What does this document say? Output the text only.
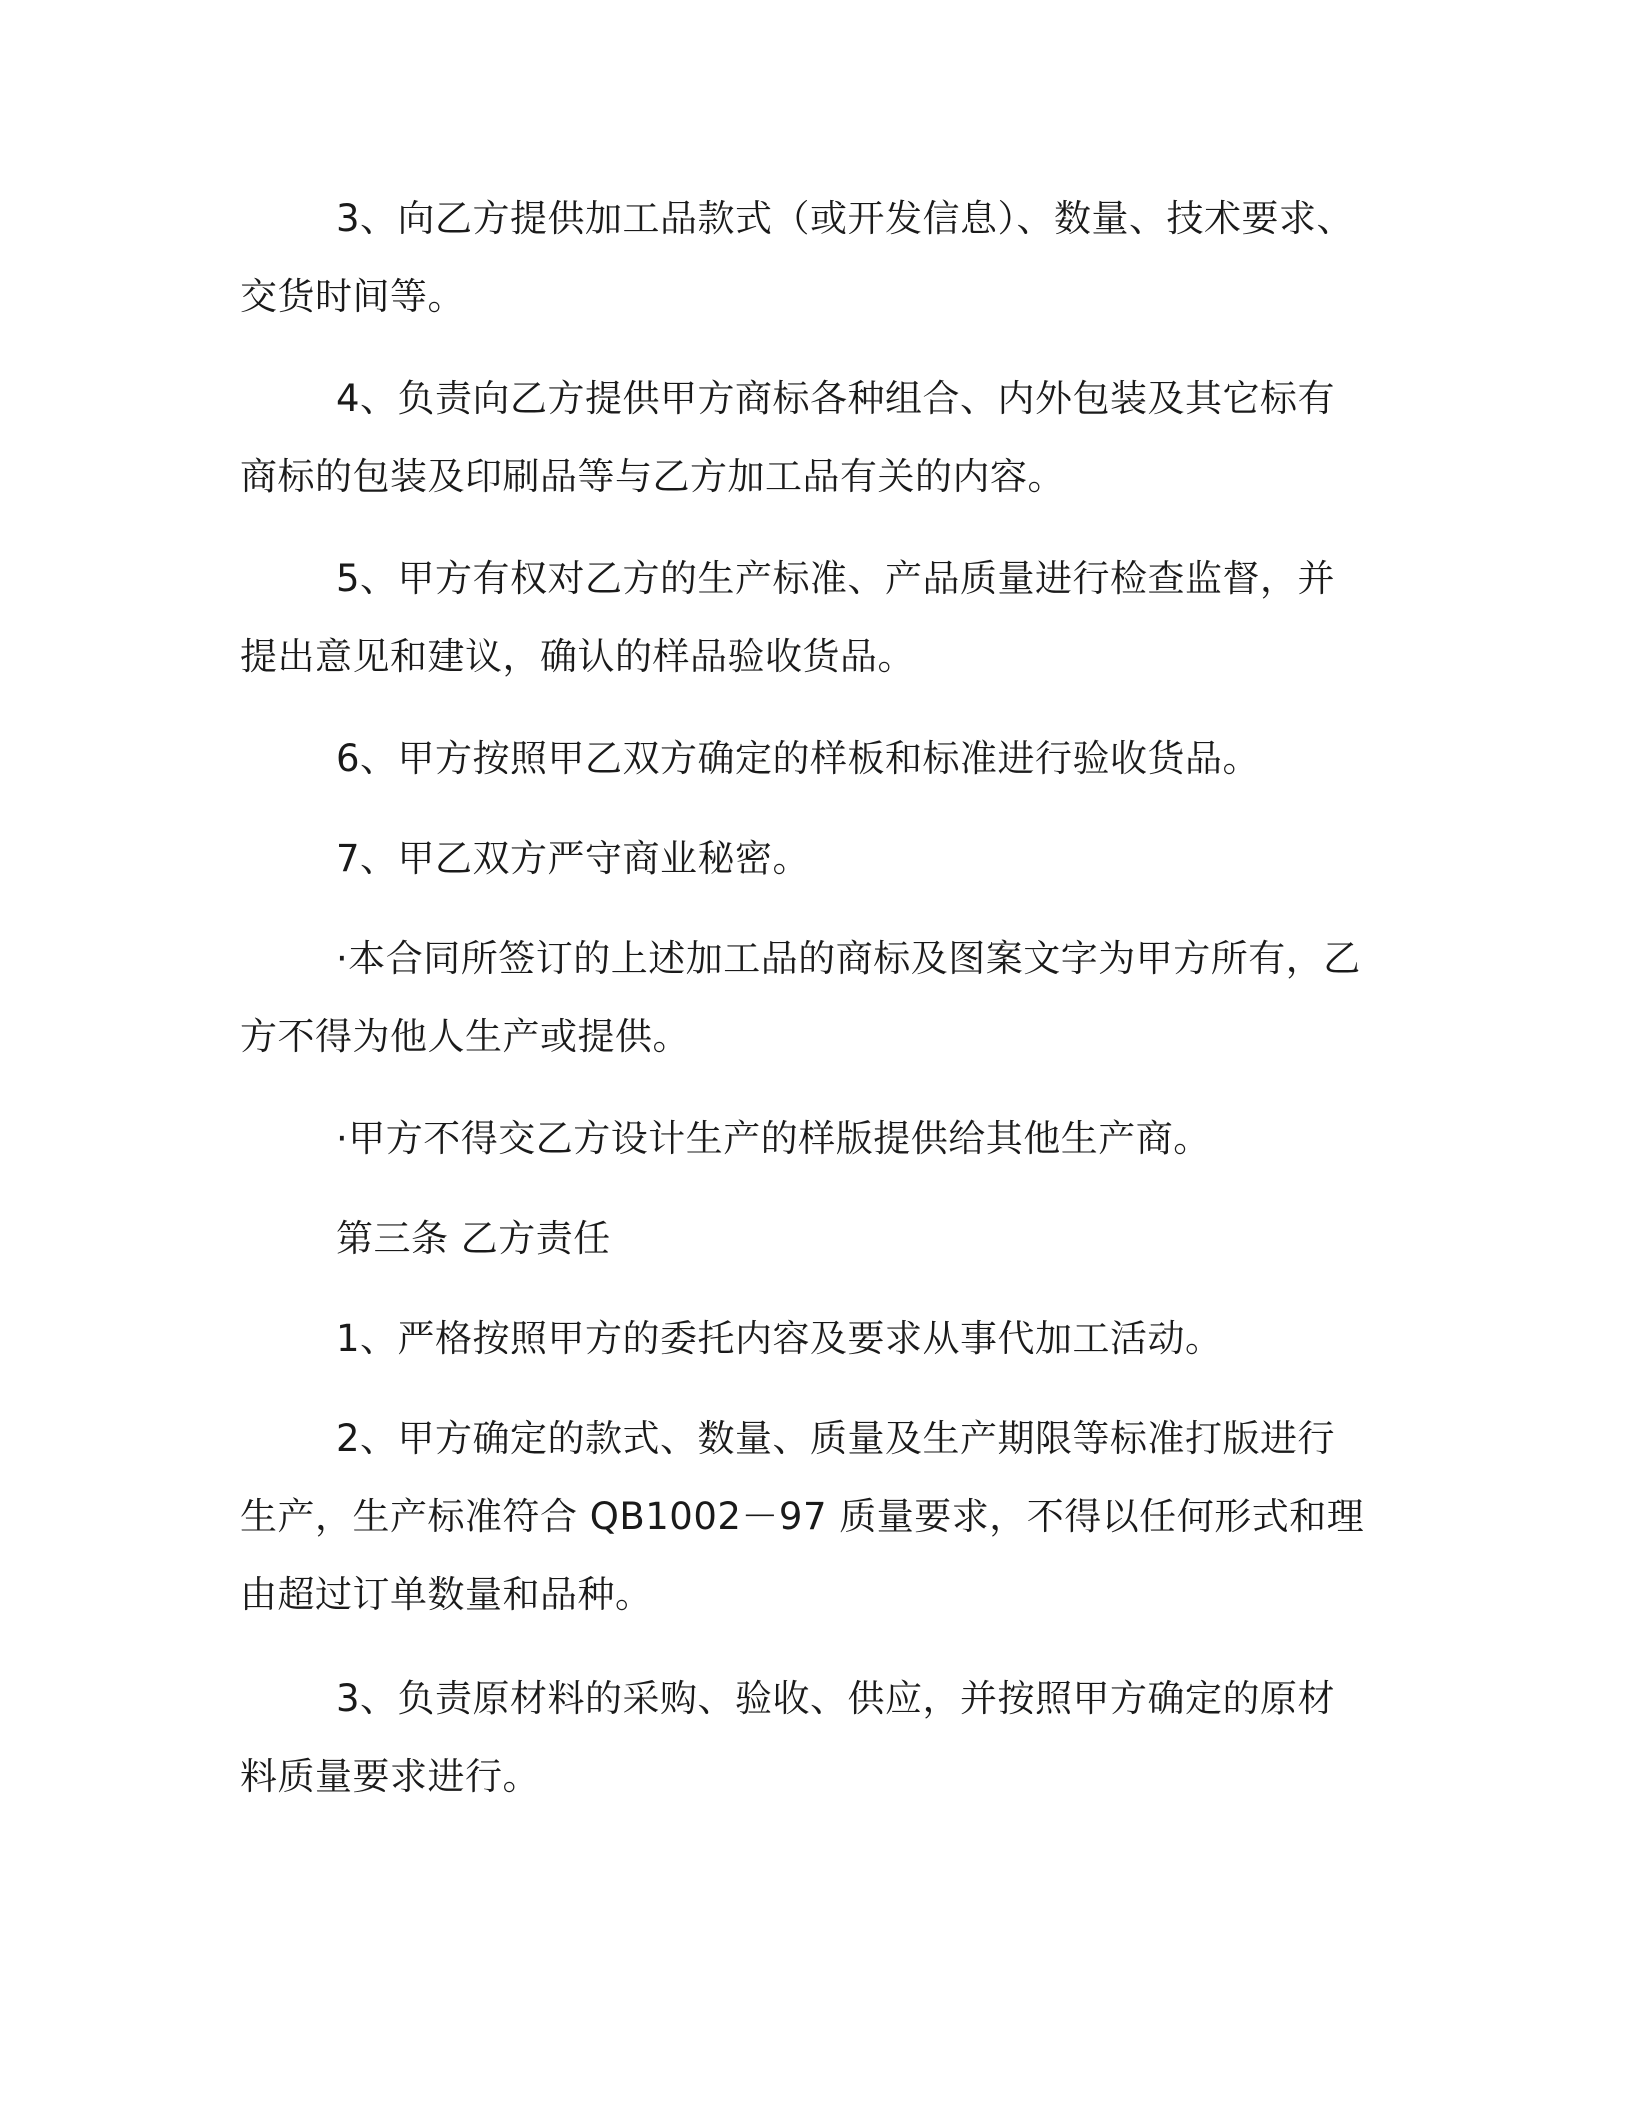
3、向乙方提供加工品款式（或开发信息）、数量、技术要求、交货时间等。

4、负责向乙方提供甲方商标各种组合、内外包装及其它标有商标的包装及印刷品等与乙方加工品有关的内容。

5、甲方有权对乙方的生产标准、产品质量进行检查监督，并提出意见和建议，确认的样品验收货品。

6、甲方按照甲乙双方确定的样板和标准进行验收货品。

7、甲乙双方严守商业秘密。

·本合同所签订的上述加工品的商标及图案文字为甲方所有，乙方不得为他人生产或提供。

·甲方不得交乙方设计生产的样版提供给其他生产商。

第三条 乙方责任

1、严格按照甲方的委托内容及要求从事代加工活动。

2、甲方确定的款式、数量、质量及生产期限等标准打版进行生产，生产标准符合 QB1002－97 质量要求，不得以任何形式和理由超过订单数量和品种。

3、负责原材料的采购、验收、供应，并按照甲方确定的原材料质量要求进行。
